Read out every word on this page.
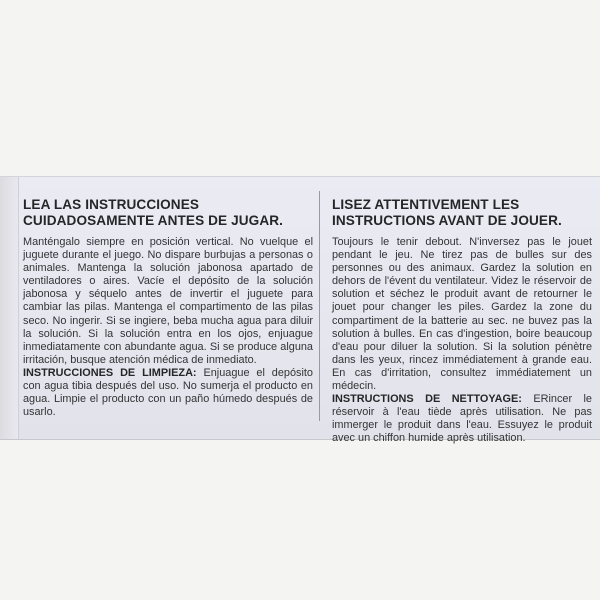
LEA LAS INSTRUCCIONES CUIDADOSAMENTE ANTES DE JUGAR.

Manténgalo siempre en posición vertical. No vuelque el juguete durante el juego. No dispare burbujas a personas o animales. Mantenga la solución jabonosa apartado de ventiladores o aires. Vacíe el depósito de la solución jabonosa y séquelo antes de invertir el juguete para cambiar las pilas. Mantenga el compartimento de las pilas seco. No ingerir. Si se ingiere, beba mucha agua para diluir la solución. Si la solución entra en los ojos, enjuague inmediatamente con abundante agua. Si se produce alguna irritación, busque atención médica de inmediato.

INSTRUCCIONES DE LIMPIEZA: Enjuague el depósito con agua tibia después del uso. No sumerja el producto en agua. Limpie el producto con un paño húmedo después de usarlo.

LISEZ ATTENTIVEMENT LES INSTRUCTIONS AVANT DE JOUER.

Toujours le tenir debout. N'inversez pas le jouet pendant le jeu. Ne tirez pas de bulles sur des personnes ou des animaux. Gardez la solution en dehors de l'évent du ventilateur. Videz le réservoir de solution et séchez le produit avant de retourner le jouet pour changer les piles. Gardez la zone du compartiment de la batterie au sec. ne buvez pas la solution à bulles. En cas d'ingestion, boire beaucoup d'eau pour diluer la solution. Si la solution pénètre dans les yeux, rincez immédiatement à grande eau. En cas d'irritation, consultez immédiatement un médecin.

INSTRUCTIONS DE NETTOYAGE: ERincer le réservoir à l'eau tiède après utilisation. Ne pas immerger le produit dans l'eau. Essuyez le produit avec un chiffon humide après utilisation.
